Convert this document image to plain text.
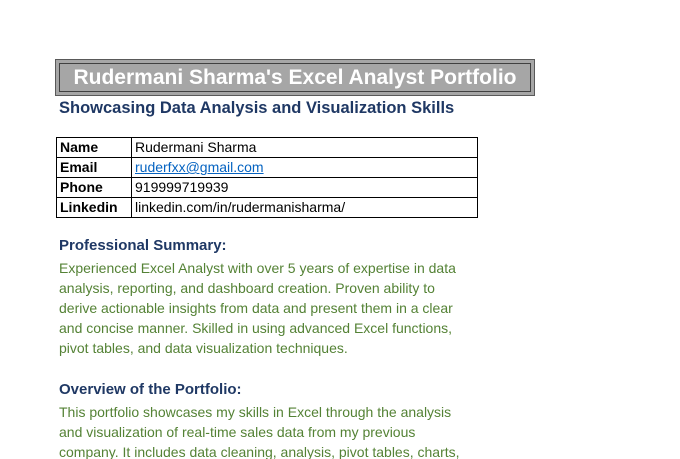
Rudermani Sharma's Excel Analyst Portfolio
Showcasing Data Analysis and Visualization Skills
Name	Rudermani Sharma
Email	ruderfxx@gmail.com
Phone	919999719939
Linkedin	linkedin.com/in/rudermanisharma/
Professional Summary:
Experienced Excel Analyst with over 5 years of expertise in data
analysis, reporting, and dashboard creation. Proven ability to
derive actionable insights from data and present them in a clear
and concise manner. Skilled in using advanced Excel functions,
pivot tables, and data visualization techniques.
Overview of the Portfolio:
This portfolio showcases my skills in Excel through the analysis
and visualization of real-time sales data from my previous
company. It includes data cleaning, analysis, pivot tables, charts,
